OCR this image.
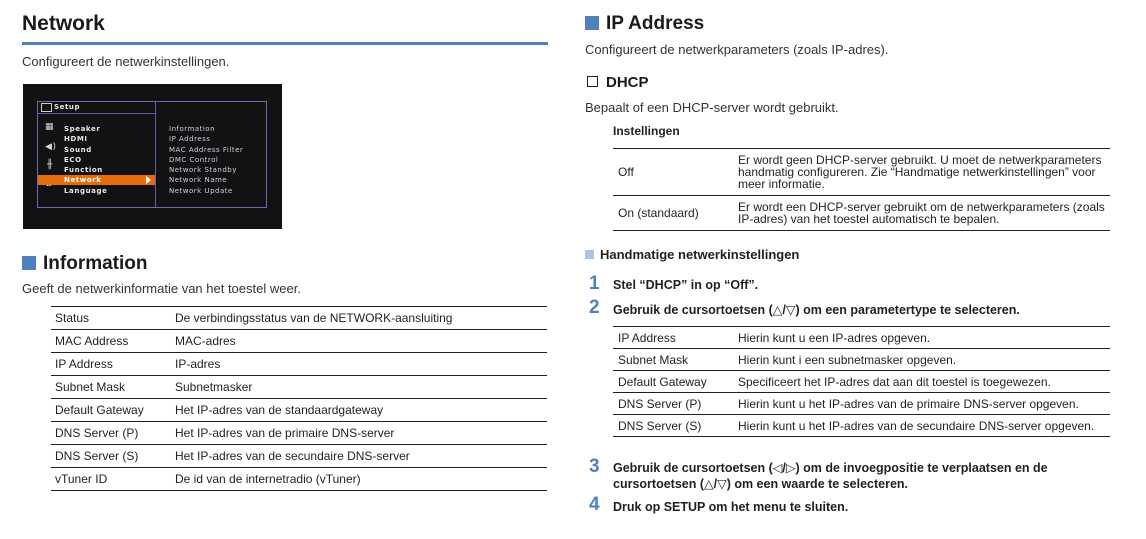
Network
Configureert de netwerkinstellingen.
Setup
▦
◀)
╫
Speaker
HDMI
Sound
ECO
Function
Network
Language
Information
IP Address
MAC Address Filter
DMC Control
Network Standby
Network Name
Network Update
Information
Geeft de netwerkinformatie van het toestel weer.
Status	De verbindingsstatus van de NETWORK-aansluiting
MAC Address	MAC-adres
IP Address	IP-adres
Subnet Mask	Subnetmasker
Default Gateway	Het IP-adres van de standaardgateway
DNS Server (P)	Het IP-adres van de primaire DNS-server
DNS Server (S)	Het IP-adres van de secundaire DNS-server
vTuner ID	De id van de internetradio (vTuner)
IP Address
Configureert de netwerkparameters (zoals IP-adres).
DHCP
Bepaalt of een DHCP-server wordt gebruikt.
Instellingen
Off	Er wordt geen DHCP-server gebruikt. U moet de netwerkparameters handmatig configureren. Zie “Handmatige netwerkinstellingen” voor meer informatie.
On (standaard)	Er wordt een DHCP-server gebruikt om de netwerkparameters (zoals IP-adres) van het toestel automatisch te bepalen.
Handmatige netwerkinstellingen
1 Stel “DHCP” in op “Off”.
2 Gebruik de cursortoetsen (△/▽) om een parametertype te selecteren.
IP Address	Hierin kunt u een IP-adres opgeven.
Subnet Mask	Hierin kunt i een subnetmasker opgeven.
Default Gateway	Specificeert het IP-adres dat aan dit toestel is toegewezen.
DNS Server (P)	Hierin kunt u het IP-adres van de primaire DNS-server opgeven.
DNS Server (S)	Hierin kunt u het IP-adres van de secundaire DNS-server opgeven.
3 Gebruik de cursortoetsen (◁/▷) om de invoegpositie te verplaatsen en de cursortoetsen (△/▽) om een waarde te selecteren.
4 Druk op SETUP om het menu te sluiten.
